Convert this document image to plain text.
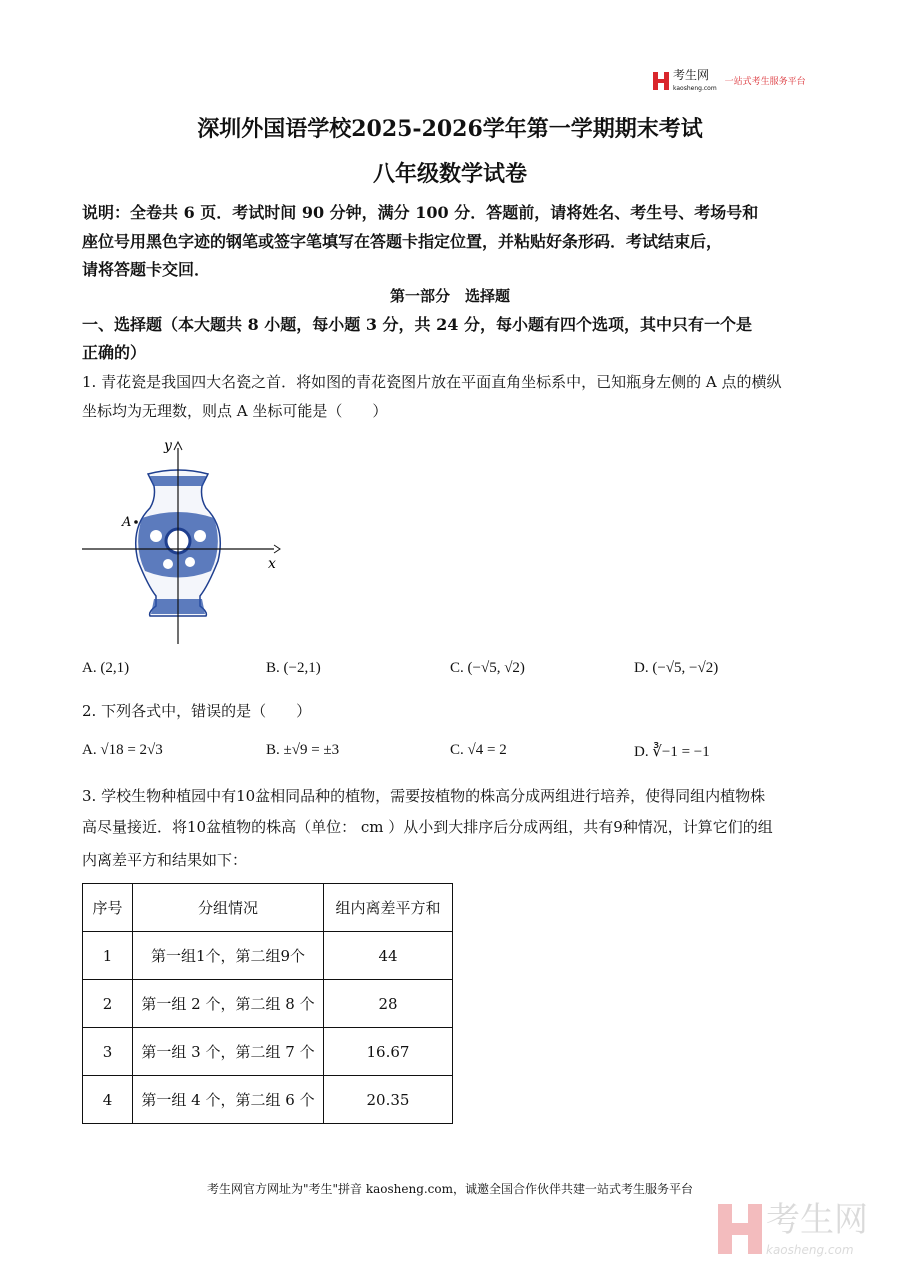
考生网
kaosheng.com
一站式考生服务平台
深圳外国语学校2025-2026学年第一学期期末考试
八年级数学试卷
说明：全卷共 6 页．考试时间 90 分钟，满分 100 分．答题前，请将姓名、考生号、考场号和
座位号用黑色字迹的钢笔或签字笔填写在答题卡指定位置，并粘贴好条形码．考试结束后，
请将答题卡交回．
第一部分　选择题
一、选择题（本大题共 8 小题，每小题 3 分，共 24 分，每小题有四个选项，其中只有一个是
正确的）
1. 青花瓷是我国四大名瓷之首．将如图的青花瓷图片放在平面直角坐标系中，已知瓶身左侧的 A 点的横纵
坐标均为无理数，则点 A 坐标可能是（　　）
y
x
A
A. (2,1)	B. (−2,1)	C. (−√5, √2)	D. (−√5, −√2)
2. 下列各式中，错误的是（　　）
A. √18 = 2√3	B. ±√9 = ±3	C. √4 = 2	D. ∛−1 = −1
3. 学校生物种植园中有10盆相同品种的植物，需要按植物的株高分成两组进行培养，使得同组内植物株
高尽量接近．将10盆植物的株高（单位： cm ）从小到大排序后分成两组，共有9种情况，计算它们的组
内离差平方和结果如下：
序号	分组情况	组内离差平方和
1	第一组1个，第二组9个	44
2	第一组 2 个，第二组 8 个	28
3	第一组 3 个，第二组 7 个	16.67
4	第一组 4 个，第二组 6 个	20.35
考生网官方网址为"考生"拼音 kaosheng.com，诚邀全国合作伙伴共建一站式考生服务平台
考生网
kaosheng.com
